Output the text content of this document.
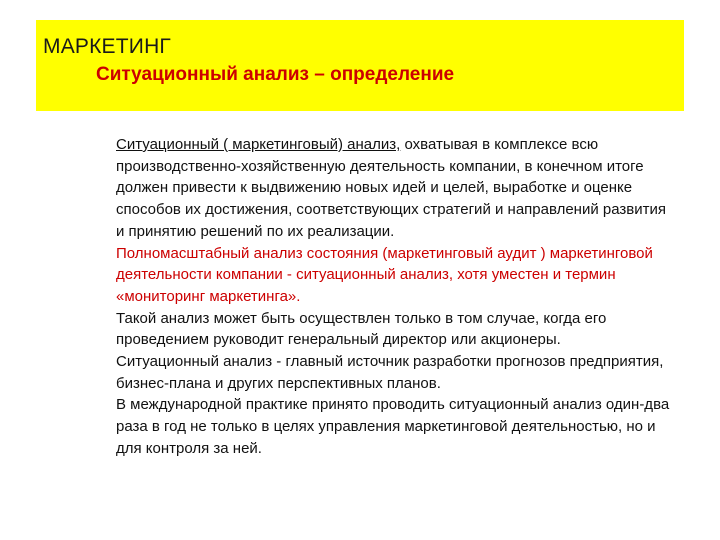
МАРКЕТИНГ
Ситуационный анализ – определение

Ситуационный ( маркетинговый) анализ, охватывая в комплексе всю производственно-хозяйственную деятельность компании, в конечном итоге должен привести к выдвижению новых идей и целей, выработке и оценке способов их достижения, соответствующих стратегий и направлений развития и принятию решений по их реализации.

Полномасштабный анализ состояния (маркетинговый аудит ) маркетинговой деятельности компании - ситуационный анализ, хотя уместен и термин «мониторинг маркетинга».

Такой анализ может быть осуществлен только в том случае, когда его проведением руководит генеральный директор или акционеры.

Ситуационный анализ - главный источник разработки прогнозов предприятия, бизнес-плана и других перспективных планов.

В международной практике принято проводить ситуационный анализ один-два раза в год не только в целях управления маркетинговой деятельностью, но и для контроля за ней.
